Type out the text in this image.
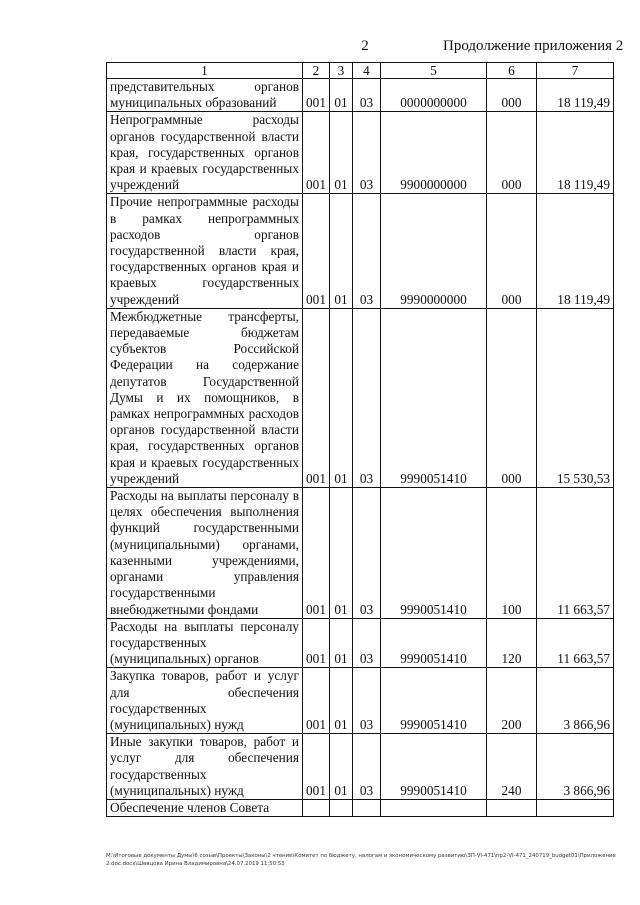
2	Продолжение приложения 2
1	2	3	4	5	6	7
представительных органов муниципальных образований	001	01	03	0000000000	000	18 119,49
Непрограммные расходы органов государственной власти края, государственных органов края и краевых государственных учреждений	001	01	03	9900000000	000	18 119,49
Прочие непрограммные расходы в рамках непрограммных расходов органов государственной власти края, государственных органов края и краевых государственных учреждений	001	01	03	9990000000	000	18 119,49
Межбюджетные трансферты, передаваемые бюджетам субъектов Российской Федерации на содержание депутатов Государственной Думы и их помощников, в рамках непрограммных расходов органов государственной власти края, государственных органов края и краевых государственных учреждений	001	01	03	9990051410	000	15 530,53
Расходы на выплаты персоналу в целях обеспечения выполнения функций государственными (муниципальными) органами, казенными учреждениями, органами управления государственными внебюджетными фондами	001	01	03	9990051410	100	11 663,57
Расходы на выплаты персоналу государственных (муниципальных) органов	001	01	03	9990051410	120	11 663,57
Закупка товаров, работ и услуг для обеспечения государственных (муниципальных) нужд	001	01	03	9990051410	200	3 866,96
Иные закупки товаров, работ и услуг для обеспечения государственных (муниципальных) нужд	001	01	03	9990051410	240	3 866,96
Обеспечение членов Совета						
М:\Итоговые документы Думы\6 созыв\Проекты\Законы\2 чтение\Комитет по бюджету, налогам и экономическому развитию\ЗП-VI-471\пр2-VI-471_240719_budget01\Приложение 2.doc.docx\Шевцова Ирина Владимировна\24.07.2019 11:50:53
